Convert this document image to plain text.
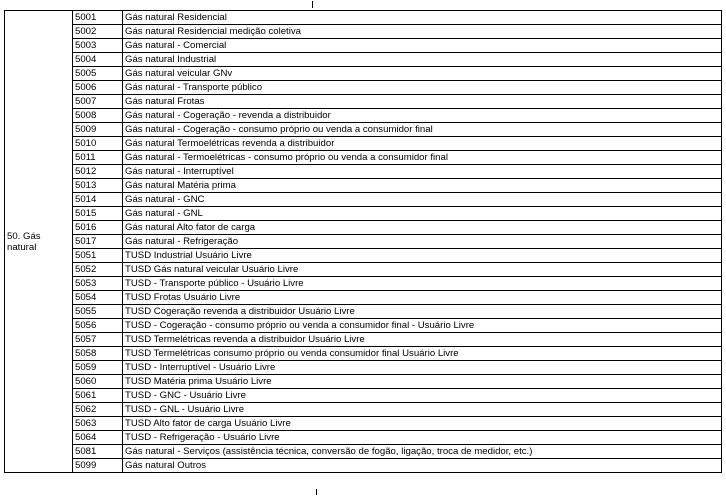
50. Gás natural	5001	Gás natural Residencial
	5002	Gás natural Residencial medição coletiva
	5003	Gás natural - Comercial
	5004	Gás natural Industrial
	5005	Gás natural veicular GNv
	5006	Gás natural - Transporte público
	5007	Gás natural Frotas
	5008	Gás natural - Cogeração - revenda a distribuidor
	5009	Gás natural - Cogeração - consumo próprio ou venda a consumidor final
	5010	Gás natural Termoelétricas revenda a distribuidor
	5011	Gás natural - Termoelétricas - consumo próprio ou venda a consumidor final
	5012	Gás natural - Interruptível
	5013	Gás natural Matéria prima
	5014	Gás natural - GNC
	5015	Gás natural - GNL
	5016	Gás natural Alto fator de carga
	5017	Gás natural - Refrigeração
	5051	TUSD Industrial Usuário Livre
	5052	TUSD Gás natural veicular Usuário Livre
	5053	TUSD - Transporte público - Usuário Livre
	5054	TUSD Frotas Usuário Livre
	5055	TUSD Cogeração revenda a distribuidor Usuário Livre
	5056	TUSD - Cogeração - consumo próprio ou venda a consumidor final - Usuário Livre
	5057	TUSD Termelétricas revenda a distribuidor Usuário Livre
	5058	TUSD Termelétricas consumo próprio ou venda consumidor final Usuário Livre
	5059	TUSD - Interruptível - Usuário Livre
	5060	TUSD Matéria prima Usuário Livre
	5061	TUSD - GNC - Usuário Livre
	5062	TUSD - GNL - Usuário Livre
	5063	TUSD Alto fator de carga Usuário Livre
	5064	TUSD - Refrigeração - Usuário Livre
	5081	Gás natural - Serviços (assistência técnica, conversão de fogão, ligação, troca de medidor, etc.)
	5099	Gás natural Outros
